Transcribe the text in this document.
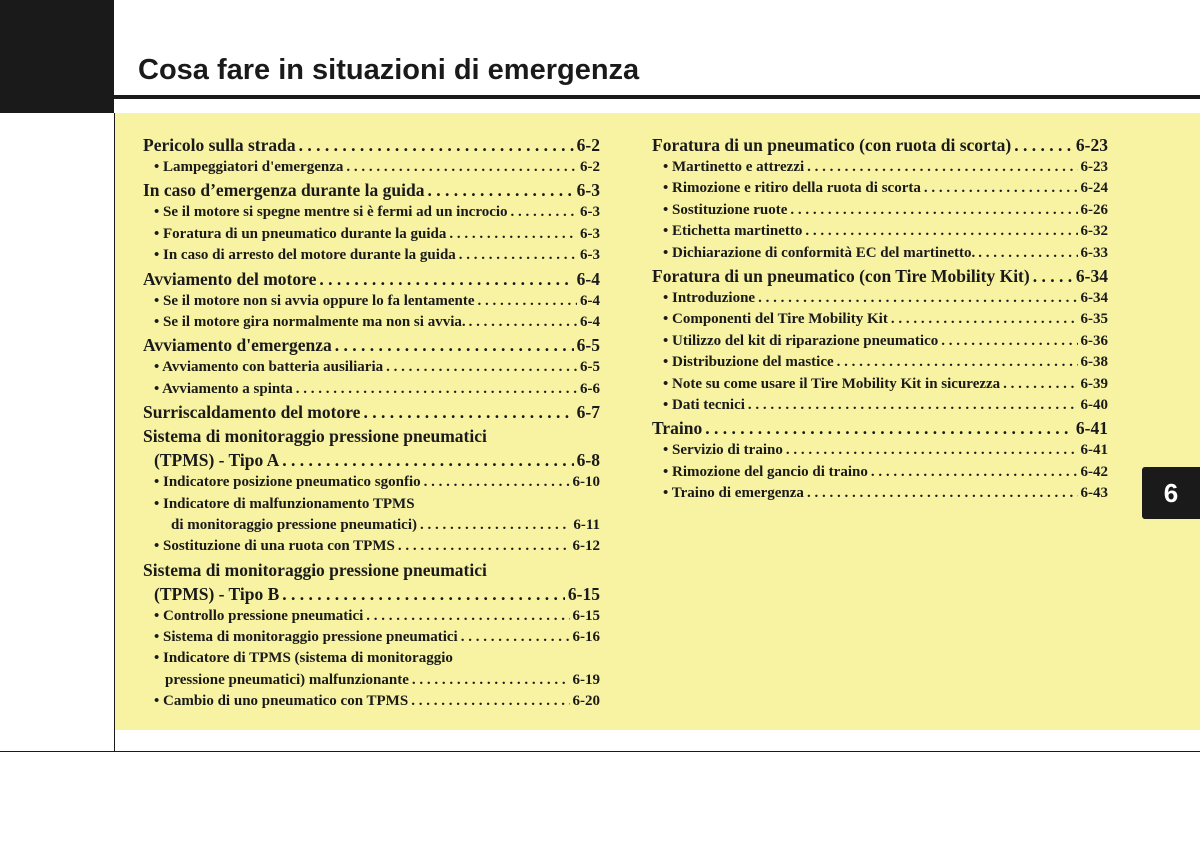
Cosa fare in situazioni di emergenza
6
Pericolo sulla strada . . .	6-2
• Lampeggiatori d'emergenza . . .	6-2
In caso d’emergenza durante la guida . . .	6-3
• Se il motore si spegne mentre si è fermi ad un incrocio . . .	6-3
• Foratura di un pneumatico durante la guida . . .	6-3
• In caso di arresto del motore durante la guida . . .	6-3
Avviamento del motore . . .	6-4
• Se il motore non si avvia oppure lo fa lentamente . . .	6-4
• Se il motore gira normalmente ma non si avvia. . . .	6-4
Avviamento d'emergenza . . .	6-5
• Avviamento con batteria ausiliaria . . .	6-5
• Avviamento a spinta . . .	6-6
Surriscaldamento del motore . . .	6-7
Sistema di monitoraggio pressione pneumatici
(TPMS) - Tipo A . . .	6-8
• Indicatore posizione pneumatico sgonfio . . .	6-10
• Indicatore di malfunzionamento TPMS
di monitoraggio pressione pneumatici) . . .	6-11
• Sostituzione di una ruota con TPMS . . .	6-12
Sistema di monitoraggio pressione pneumatici
(TPMS) - Tipo B . . .	6-15
• Controllo pressione pneumatici . . .	6-15
• Sistema di monitoraggio pressione pneumatici . . .	6-16
• Indicatore di TPMS (sistema di monitoraggio
pressione pneumatici) malfunzionante . . .	6-19
• Cambio di uno pneumatico con TPMS . . .	6-20
Foratura di un pneumatico (con ruota di scorta) . . .	6-23
• Martinetto e attrezzi . . .	6-23
• Rimozione e ritiro della ruota di scorta . . .	6-24
• Sostituzione ruote . . .	6-26
• Etichetta martinetto . . .	6-32
• Dichiarazione di conformità EC del martinetto. . . .	6-33
Foratura di un pneumatico (con Tire Mobility Kit) . . .	6-34
• Introduzione . . .	6-34
• Componenti del Tire Mobility Kit . . .	6-35
• Utilizzo del kit di riparazione pneumatico . . .	6-36
• Distribuzione del mastice . . .	6-38
• Note su come usare il Tire Mobility Kit in sicurezza . . .	6-39
• Dati tecnici . . .	6-40
Traino . . .	6-41
• Servizio di traino . . .	6-41
• Rimozione del gancio di traino . . .	6-42
• Traino di emergenza . . .	6-43
